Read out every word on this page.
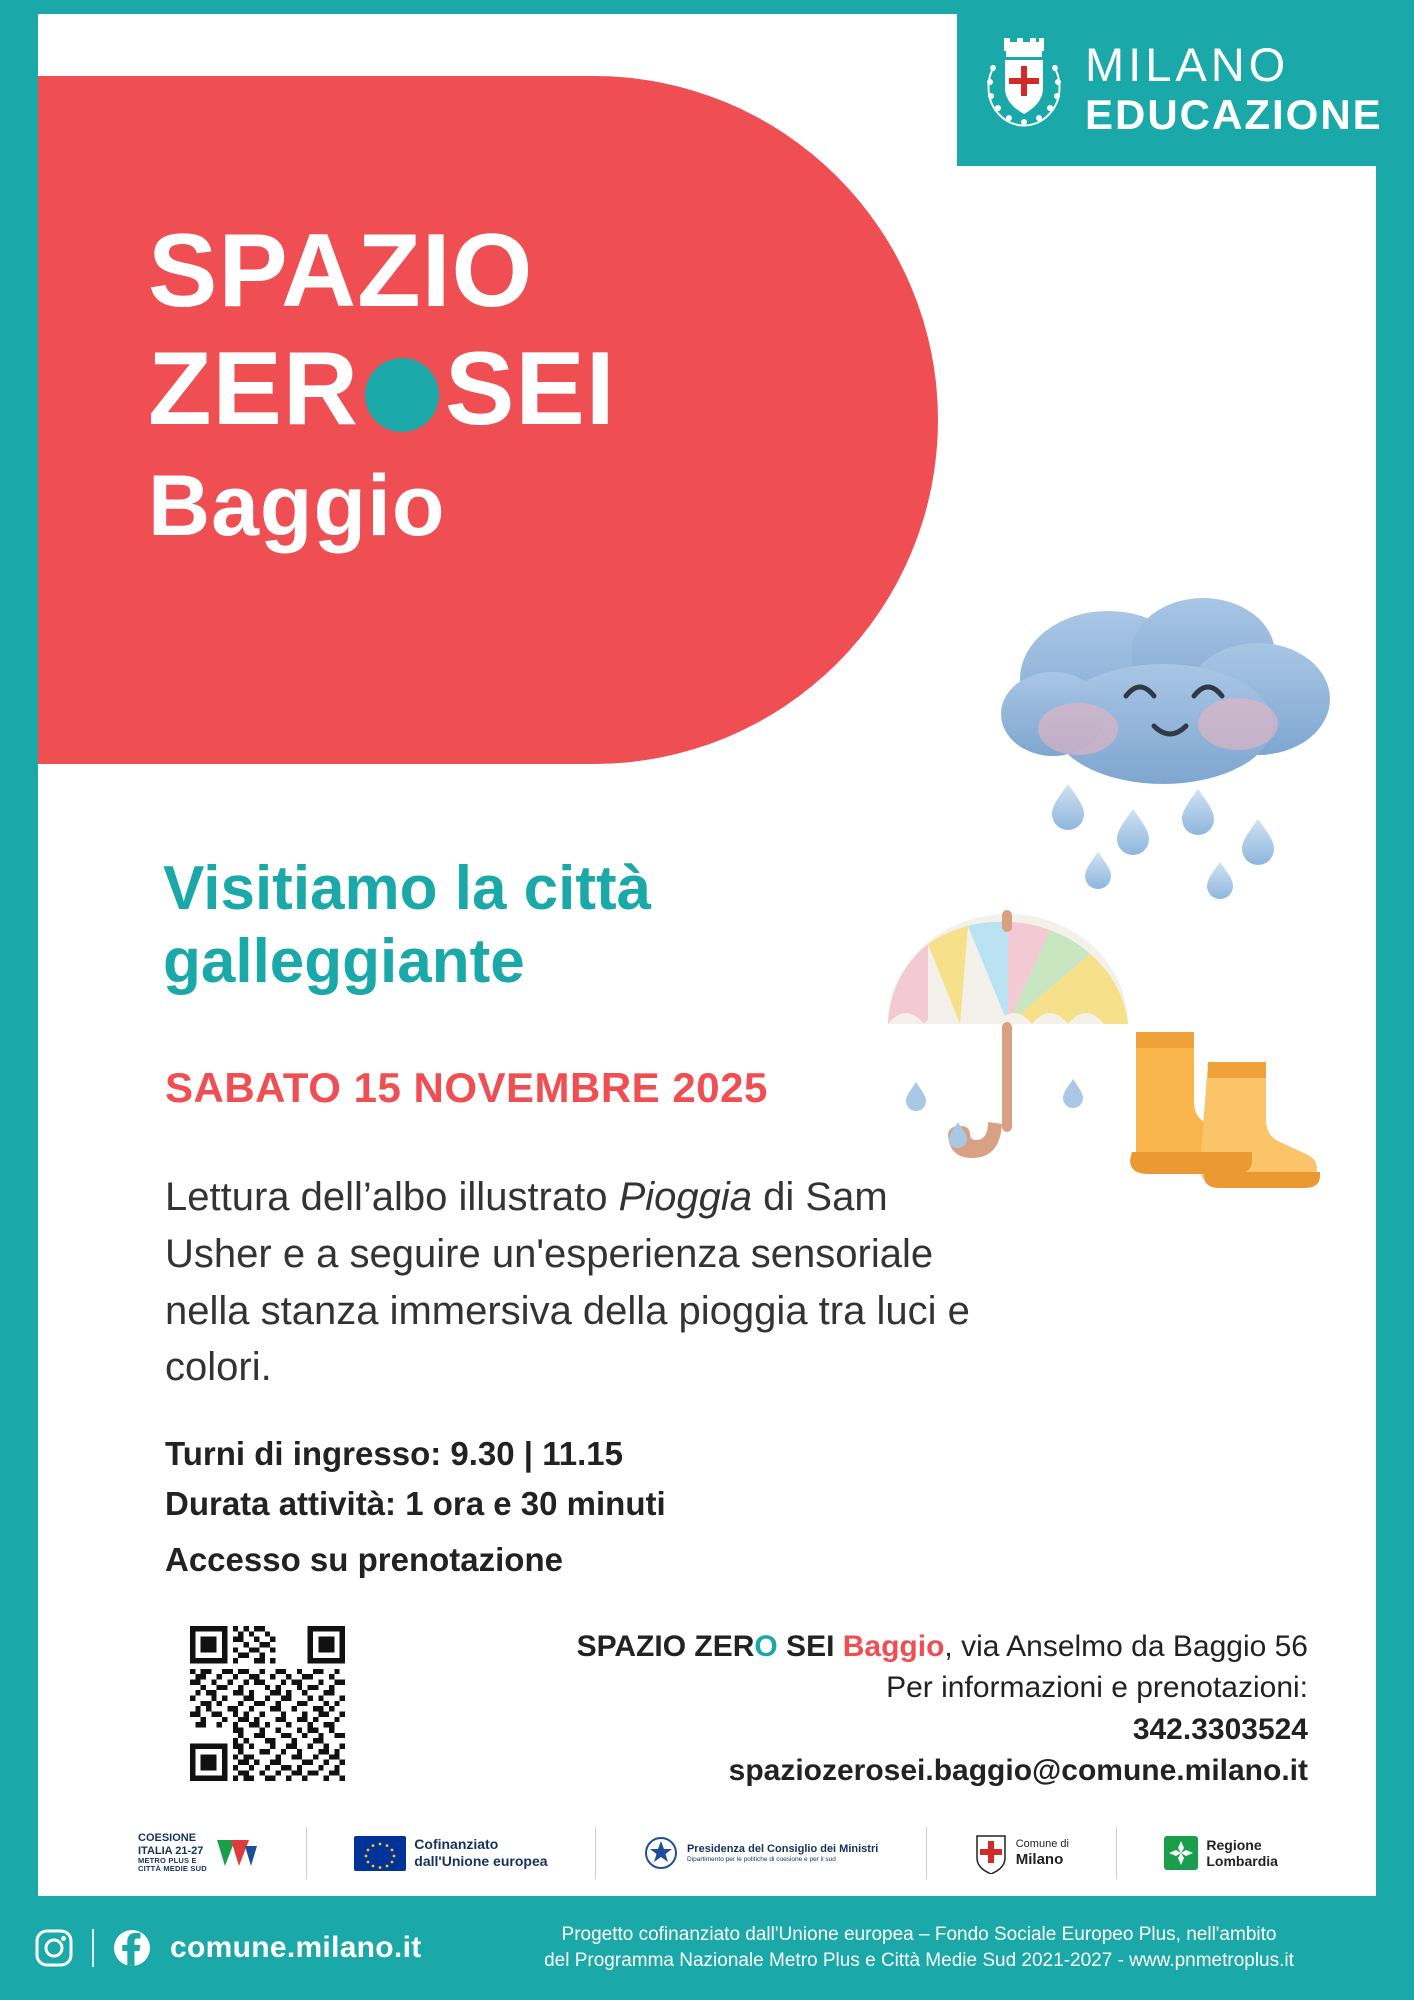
MILANO
EDUCAZIONE
SPAZIO
ZER SEI
Baggio
Visitiamo la città
galleggiante
SABATO 15 NOVEMBRE 2025
Lettura dell’albo illustrato Pioggia di Sam Usher e a seguire un'esperienza sensoriale nella stanza immersiva della pioggia tra luci e colori.
Turni di ingresso: 9.30 | 11.15
Durata attività: 1 ora e 30 minuti
Accesso su prenotazione
SPAZIO ZERO SEI Baggio, via Anselmo da Baggio 56
Per informazioni e prenotazioni:
342.3303524
spaziozerosei.baggio@comune.milano.it
COESIONE
ITALIA 21-27
METRO PLUS E
CITTÀ MEDIE SUD
Cofinanziato
dall'Unione europea
Presidenza del Consiglio dei Ministri
Dipartimento per le politiche di coesione e per il sud
Comune di
Milano
Regione
Lombardia
comune.milano.it	Progetto cofinanziato dall'Unione europea – Fondo Sociale Europeo Plus, nell'ambito
del Programma Nazionale Metro Plus e Città Medie Sud 2021-2027 - www.pnmetroplus.it
